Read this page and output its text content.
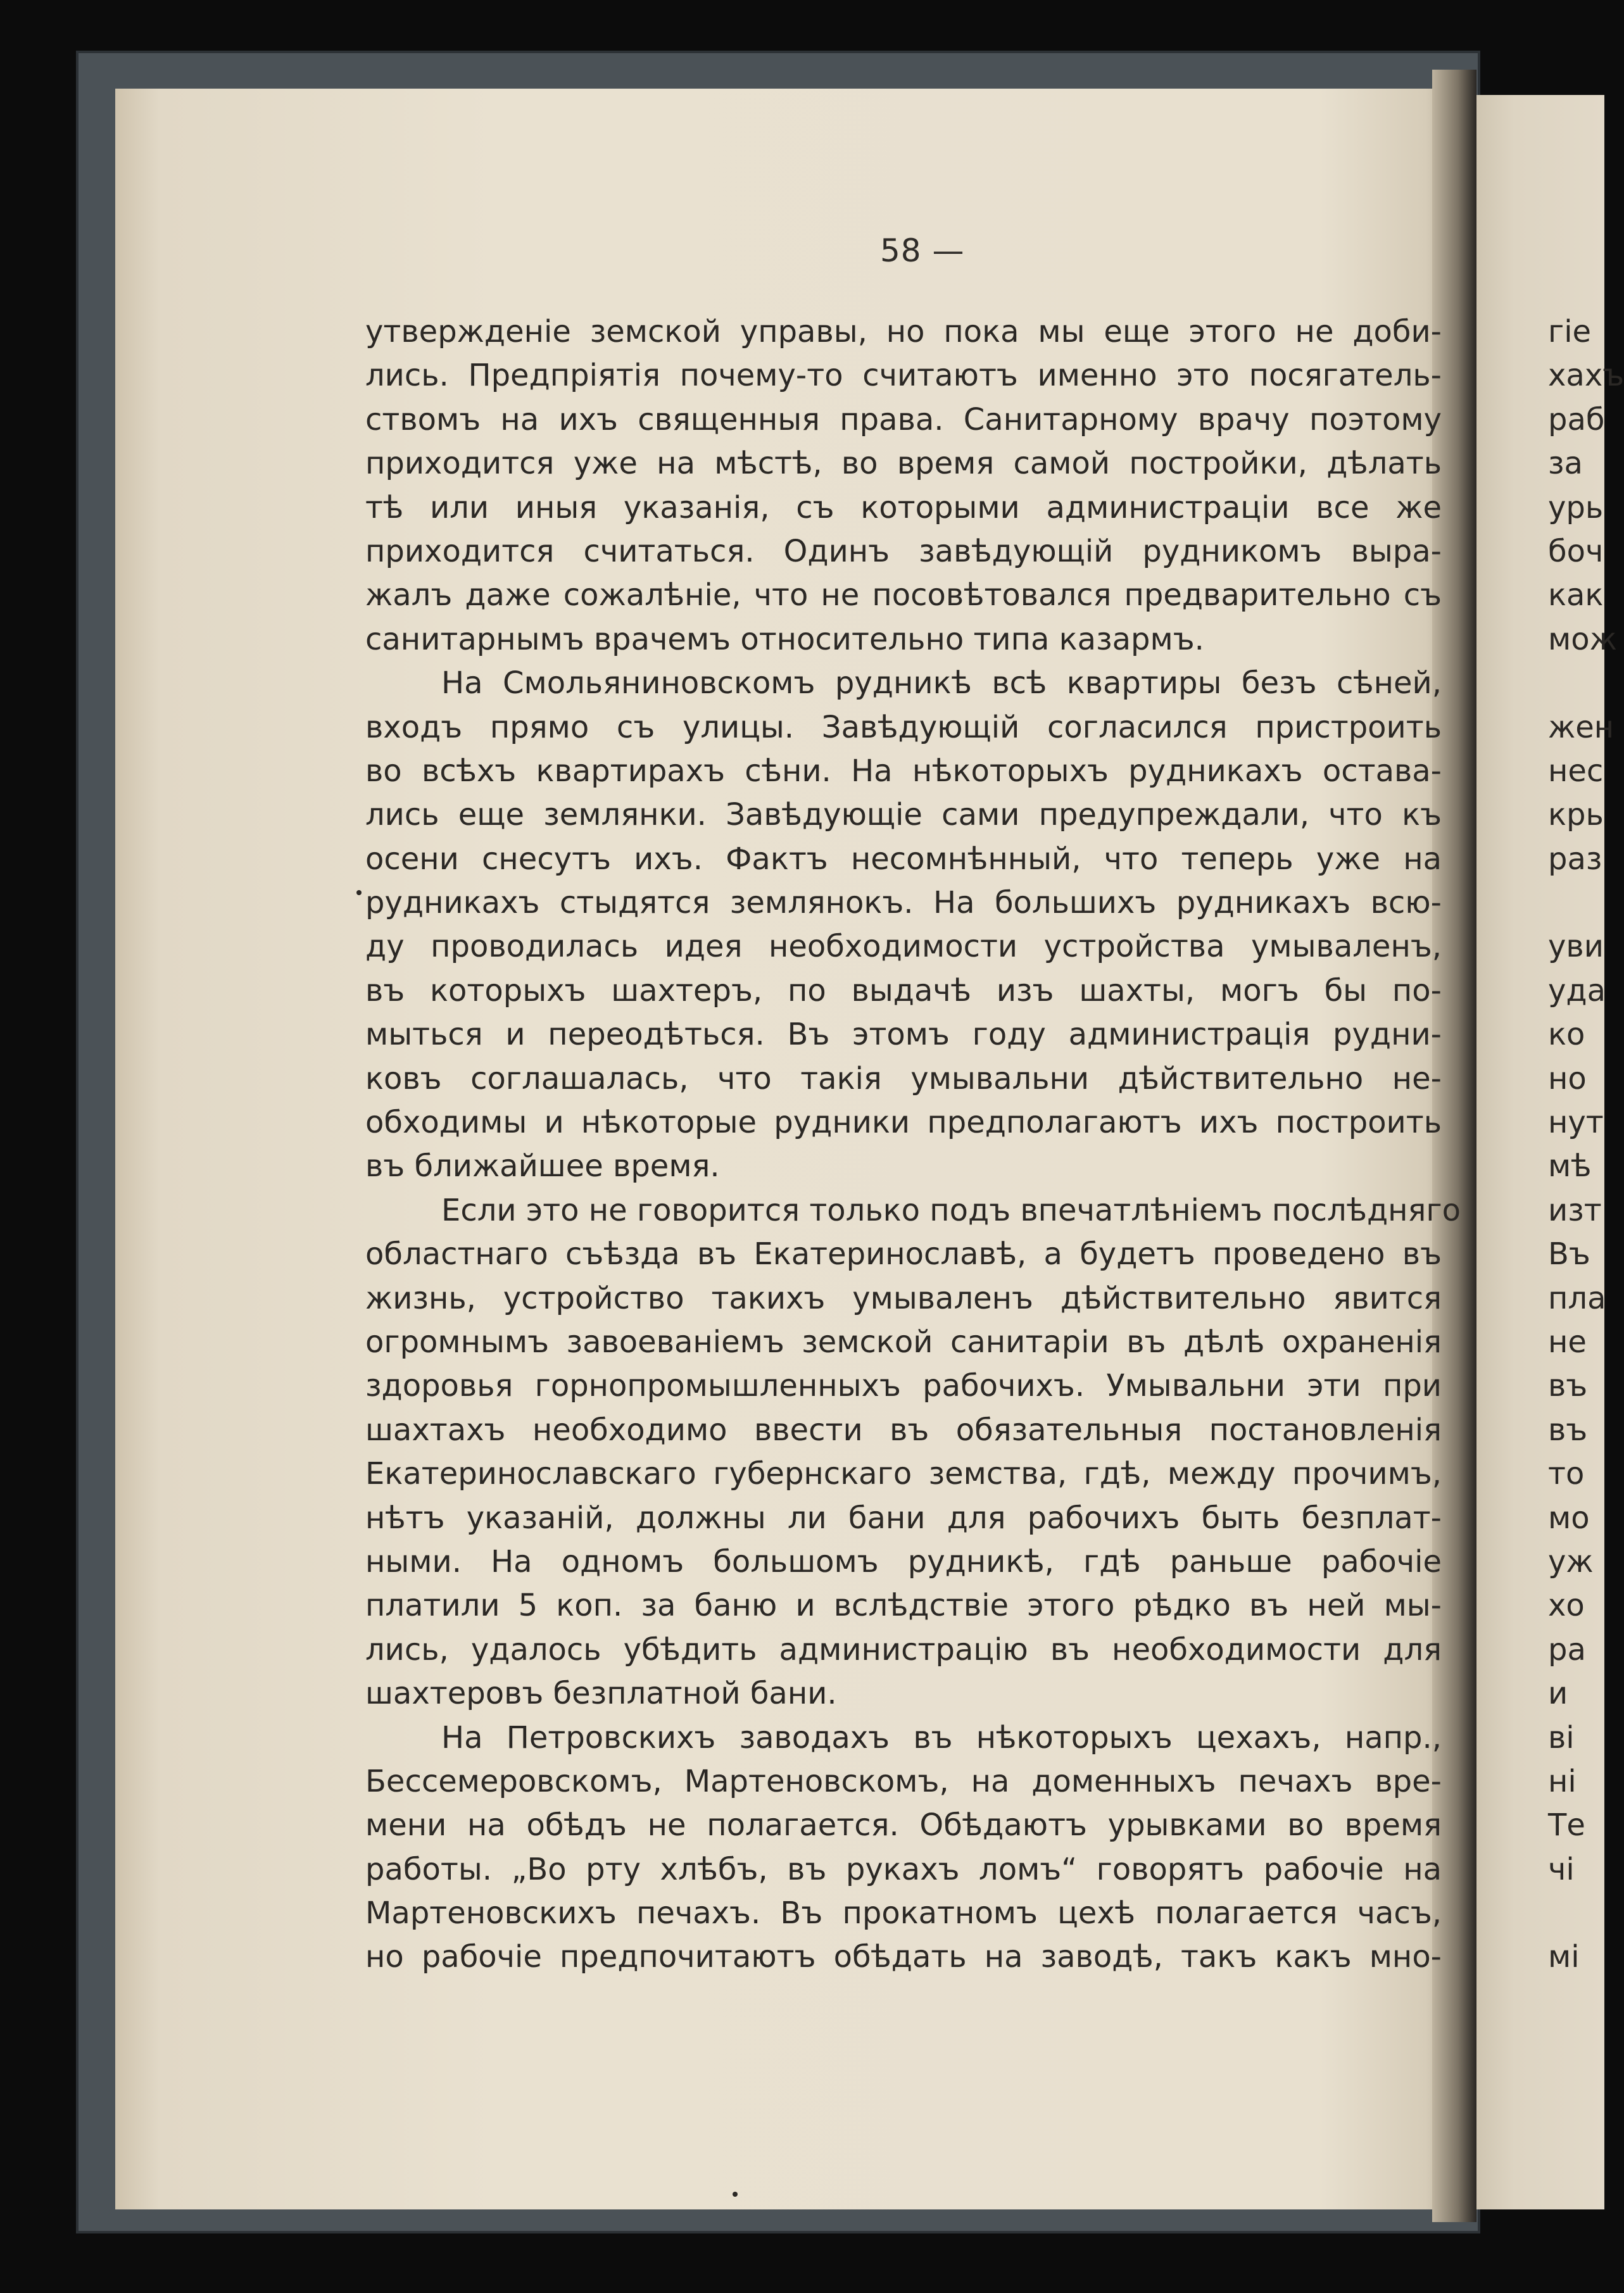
58 —
утвержденіе земской управы, но пока мы еще этого не доби-
лись. Предпріятія почему-то считаютъ именно это посягатель-
ствомъ на ихъ священныя права. Санитарному врачу поэтому
приходится уже на мѣстѣ, во время самой постройки, дѣлать
тѣ или иныя указанія, съ которыми администраціи все же
приходится считаться. Одинъ завѣдующій рудникомъ выра-
жалъ даже сожалѣніе, что не посовѣтовался предварительно съ
санитарнымъ врачемъ относительно типа казармъ.
На Смольяниновскомъ рудникѣ всѣ квартиры безъ сѣней,
входъ прямо съ улицы. Завѣдующій согласился пристроить
во всѣхъ квартирахъ сѣни. На нѣкоторыхъ рудникахъ остава-
лись еще землянки. Завѣдующіе сами предупреждали, что къ
осени снесутъ ихъ. Фактъ несомнѣнный, что теперь уже на
рудникахъ стыдятся землянокъ. На большихъ рудникахъ всю-
ду проводилась идея необходимости устройства умываленъ,
въ которыхъ шахтеръ, по выдачѣ изъ шахты, могъ бы по-
мыться и переодѣться. Въ этомъ году администрація рудни-
ковъ соглашалась, что такія умывальни дѣйствительно не-
обходимы и нѣкоторые рудники предполагаютъ ихъ построить
въ ближайшее время.
Если это не говорится только подъ впечатлѣніемъ послѣдняго
областнаго съѣзда въ Екатеринославѣ, а будетъ проведено въ
жизнь, устройство такихъ умываленъ дѣйствительно явится
огромнымъ завоеваніемъ земской санитаріи въ дѣлѣ охраненія
здоровья горнопромышленныхъ рабочихъ. Умывальни эти при
шахтахъ необходимо ввести въ обязательныя постановленія
Екатеринославскаго губернскаго земства, гдѣ, между прочимъ,
нѣтъ указаній, должны ли бани для рабочихъ быть безплат-
ными. На одномъ большомъ рудникѣ, гдѣ раньше рабочіе
платили 5 коп. за баню и вслѣдствіе этого рѣдко въ ней мы-
лись, удалось убѣдить администрацію въ необходимости для
шахтеровъ безплатной бани.
На Петровскихъ заводахъ въ нѣкоторыхъ цехахъ, напр.,
Бессемеровскомъ, Мартеновскомъ, на доменныхъ печахъ вре-
мени на обѣдъ не полагается. Обѣдаютъ урывками во время
работы. „Во рту хлѣбъ, въ рукахъ ломъ“ говорятъ рабочіе на
Мартеновскихъ печахъ. Въ прокатномъ цехѣ полагается часъ,
но рабочіе предпочитаютъ обѣдать на заводѣ, такъ какъ мно-
гіе
хахъ
раб
за
урь
боч
как
мож
жен
нес
крь
раз
уви
уда
ко
но
нут
мѣ
изт
Въ
пла
не
въ
въ
то
мо
уж
хо
ра
и
ві
ні
Те
чі
мі
